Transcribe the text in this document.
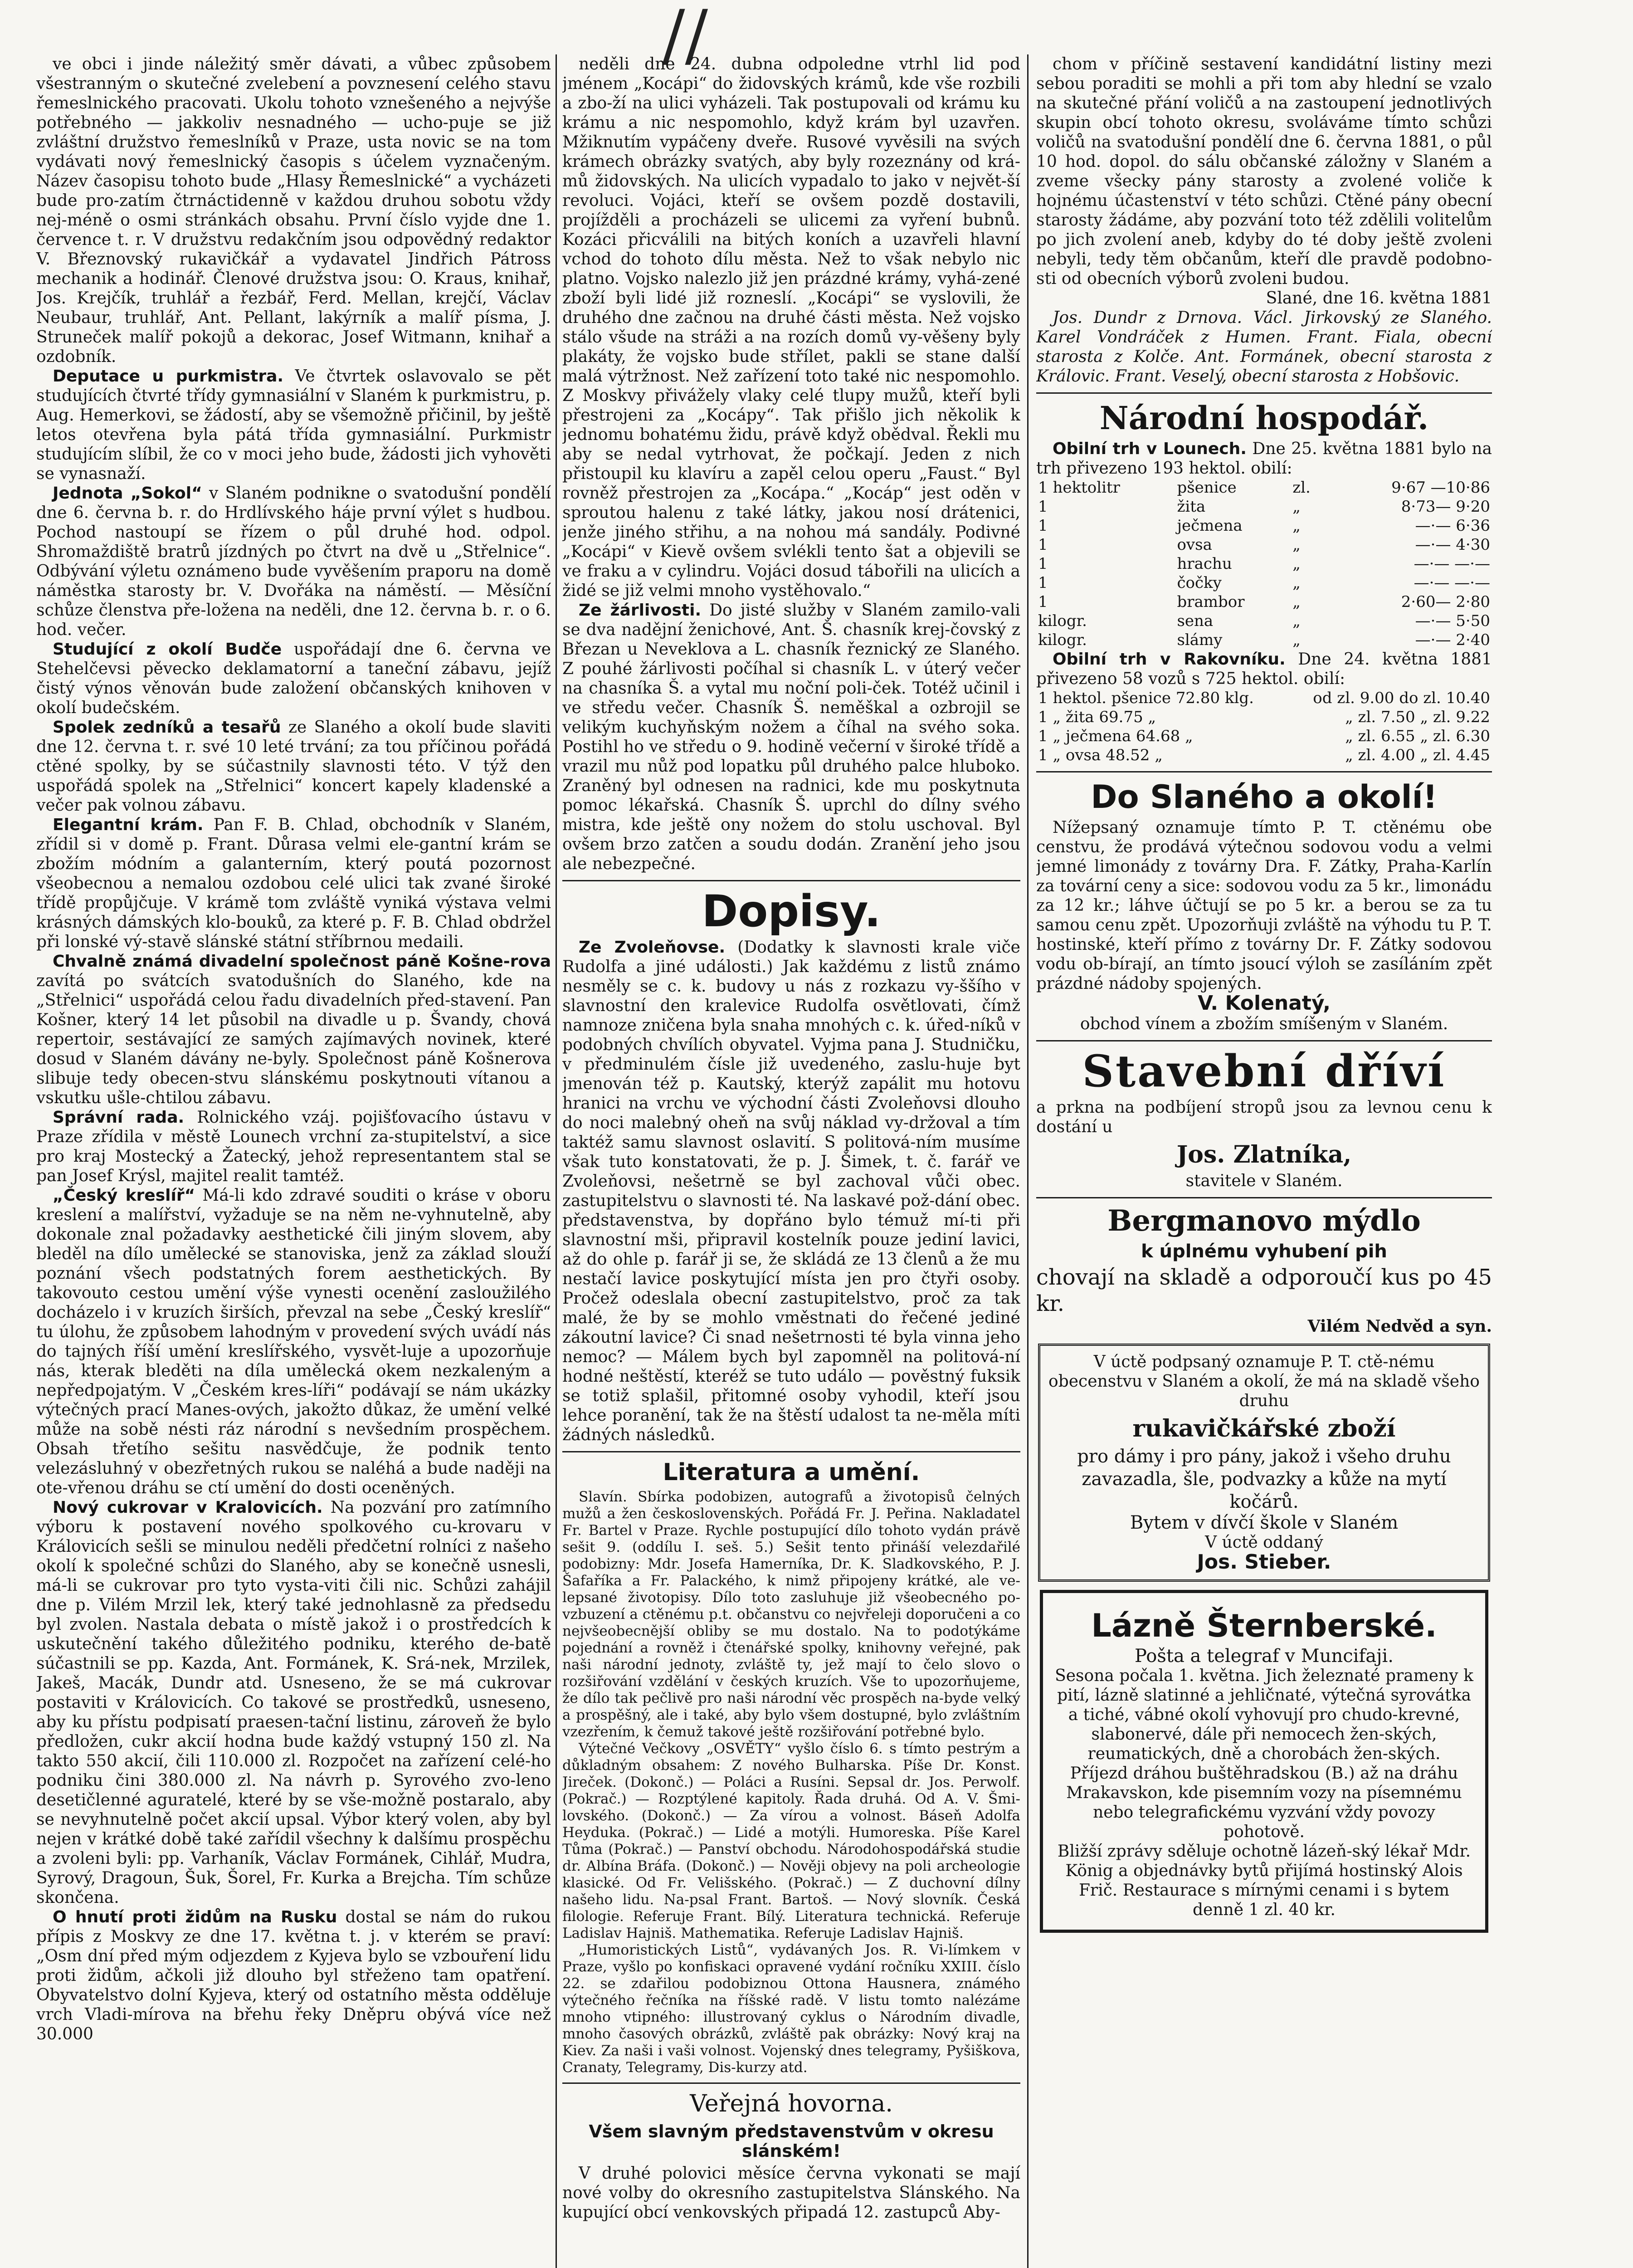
//

ve obci i jinde náležitý směr dávati, a vůbec způsobem všestranným o skutečné zvelebení a povznesení celého stavu řemeslnického pracovati. Ukolu tohoto vznešeného a nejvýše potřebného — jakkoliv nesnadného — ucho-puje se již zvláštní družstvo řemeslníků v Praze, usta novic se na tom vydávati nový řemeslnický časopis s účelem vyznačeným. Název časopisu tohoto bude „Hlasy Řemeslnické“ a vycházeti bude pro-zatím čtrnáctidenně v každou druhou sobotu vždy nej-méně o osmi stránkách obsahu. První číslo vyjde dne 1. července t. r. V družstvu redakčním jsou odpovědný redaktor V. Březnovský rukavičkář a vydavatel Jindřich Pátross mechanik a hodinář. Členové družstva jsou: O. Kraus, knihař, Jos. Krejčík, truhlář a řezbář, Ferd. Mellan, krejčí, Václav Neubaur, truhlář, Ant. Pellant, lakýrník a malíř písma, J. Struneček malíř pokojů a dekorac, Josef Witmann, knihař a ozdobník.

Deputace u purkmistra. Ve čtvrtek oslavovalo se pět studujících čtvrté třídy gymnasiální v Slaném k purkmistru, p. Aug. Hemerkovi, se žádostí, aby se všemožně přičinil, by ještě letos otevřena byla pátá třída gymnasiální. Purkmistr studujícím slíbil, že co v moci jeho bude, žádosti jich vyhověti se vynasnaží.

Jednota „Sokol“ v Slaném podnikne o svatodušní pondělí dne 6. června b. r. do Hrdlívského háje první výlet s hudbou. Pochod nastoupí se řízem o půl druhé hod. odpol. Shromaždiště bratrů jízdných po čtvrt na dvě u „Střelnice“. Odbývání výletu oznámeno bude vyvěšením praporu na domě náměstka starosty br. V. Dvořáka na náměstí. — Měsíční schůze členstva pře-ložena na neděli, dne 12. června b. r. o 6. hod. večer.

Studující z okolí Budče uspořádají dne 6. června ve Stehelčevsi pěvecko deklamatorní a taneční zábavu, jejíž čistý výnos věnován bude založení občanských knihoven v okolí budečském.

Spolek zedníků a tesařů ze Slaného a okolí bude slaviti dne 12. června t. r. své 10 leté trvání; za tou příčinou pořádá ctěné spolky, by se súčastnily slavnosti této. V týž den uspořádá spolek na „Střelnici“ koncert kapely kladenské a večer pak volnou zábavu.

Elegantní krám. Pan F. B. Chlad, obchodník v Slaném, zřídil si v domě p. Frant. Důrasa velmi ele-gantní krám se zbožím módním a galanterním, který poutá pozornost všeobecnou a nemalou ozdobou celé ulici tak zvané široké třídě propůjčuje. V krámě tom zvláště vyniká výstava velmi krásných dámských klo-bouků, za které p. F. B. Chlad obdržel při lonské vý-stavě slánské státní stříbrnou medaili.

Chvalně známá divadelní společnost páně Košne-rova zavítá po svátcích svatodušních do Slaného, kde na „Střelnici“ uspořádá celou řadu divadelních před-stavení. Pan Košner, který 14 let působil na divadle u p. Švandy, chová repertoir, sestávající ze samých zajímavých novinek, které dosud v Slaném dávány ne-byly. Společnost páně Košnerova slibuje tedy obecen-stvu slánskému poskytnouti vítanou a vskutku ušle-chtilou zábavu.

Správní rada. Rolnického vzáj. pojišťovacího ústavu v Praze zřídila v městě Lounech vrchní za-stupitelství, a sice pro kraj Mostecký a Žatecký, jehož representantem stal se pan Josef Krýsl, majitel realit tamtéž.

„Český kreslíř“ Má-li kdo zdravé souditi o kráse v oboru kreslení a malířství, vyžaduje se na něm ne-vyhnutelně, aby dokonale znal požadavky aesthetické čili jiným slovem, aby bleděl na dílo umělecké se stanoviska, jenž za základ slouží poznání všech podstatných forem aesthetických. By takovouto cestou umění výše vynesti ocenění zasloužilého docházelo i v kruzích širších, převzal na sebe „Český kreslíř“ tu úlohu, že způsobem lahodným v provedení svých uvádí nás do tajných říší umění kreslířského, vysvět-luje a upozorňuje nás, kterak bleděti na díla umělecká okem nezkaleným a nepředpojatým. V „Českém kres-líři“ podávají se nám ukázky výtečných prací Manes-ových, jakožto důkaz, že umění velké může na sobě nésti ráz národní s nevšedním prospěchem. Obsah třetího sešitu nasvědčuje, že podnik tento velezásluhný v obezřetných rukou se naléhá a bude naději na ote-vřenou dráhu se ctí umění do dosti oceněných.

Nový cukrovar v Kralovicích. Na pozvání pro zatímního výboru k postavení nového spolkového cu-krovaru v Královicích sešli se minulou neděli předčetní rolníci z našeho okolí k společné schůzi do Slaného, aby se konečně usnesli, má-li se cukrovar pro tyto vysta-viti čili nic. Schůzi zahájil dne p. Vilém Mrzil lek, který také jednohlasně za předsedu byl zvolen. Nastala debata o místě jakož i o prostředcích k uskutečnění takého důležitého podniku, kterého de-batě súčastnili se pp. Kazda, Ant. Formánek, K. Srá-nek, Mrzilek, Jakeš, Macák, Dundr atd. Usneseno, že se má cukrovar postaviti v Královicích. Co takové se prostředků, usneseno, aby ku přístu podpisatí praesen-tační listinu, zároveň že bylo předložen, cukr akcií hodna bude každý vstupný 150 zl. Na takto 550 akcií, čili 110.000 zl. Rozpočet na zařízení celé-ho podniku čini 380.000 zl. Na návrh p. Syrového zvo-leno desetičlenné aguratelé, které by se vše-možně postaralo, aby se nevyhnutelně počet akcií upsal. Výbor který volen, aby byl nejen v krátké době také zařídil všechny k dalšímu prospěchu a zvoleni byli: pp. Varhaník, Václav Formánek, Cihlář, Mudra, Syrový, Dragoun, Šuk, Šorel, Fr. Kurka a Brejcha. Tím schůze skončena.

O hnutí proti židům na Rusku dostal se nám do rukou přípis z Moskvy ze dne 17. května t. j. v kterém se praví: „Osm dní před mým odjezdem z Kyjeva bylo se vzbouření lidu proti židům, ačkoli již dlouho byl střeženo tam opatření. Obyvatelstvo dolní Kyjeva, který od ostatního města odděluje vrch Vladi-mírova na břehu řeky Dněpru obývá více než 30.000

neděli dne 24. dubna odpoledne vtrhl lid pod jménem „Kocápi“ do židovských krámů, kde vše rozbili a zbo-ží na ulici vyházeli. Tak postupovali od krámu ku krámu a nic nespomohlo, když krám byl uzavřen. Mžiknutím vypáčeny dveře. Rusové vyvěsili na svých krámech obrázky svatých, aby byly rozeznány od krá-mů židovských. Na ulicích vypadalo to jako v největ-ší revoluci. Vojáci, kteří se ovšem pozdě dostavili, projížděli a procházeli se ulicemi za vyření bubnů. Kozáci přicválili na bitých koních a uzavřeli hlavní vchod do tohoto dílu města. Než to však nebylo nic platno. Vojsko nalezlo již jen prázdné krámy, vyhá-zené zboží byli lidé již rozneslí. „Kocápi“ se vyslovili, že druhého dne začnou na druhé části města. Než vojsko stálo všude na stráži a na rozích domů vy-věšeny byly plakáty, že vojsko bude střílet, pakli se stane další malá výtržnost. Než zařízení toto také nic nespomohlo. Z Moskvy přivážely vlaky celé tlupy mužů, kteří byli přestrojeni za „Kocápy“. Tak přišlo jich několik k jednomu bohatému židu, právě když obědval. Řekli mu aby se nedal vytrhovat, že počkají. Jeden z nich přistoupil ku klavíru a zapěl celou operu „Faust.“ Byl rovněž přestrojen za „Kocápa.“ „Kocáp“ jest oděn v sproutou halenu z také látky, jakou nosí drátenici, jenže jiného střihu, a na nohou má sandály. Podivné „Kocápi“ v Kievě ovšem svlékli tento šat a objevili se ve fraku a v cylindru. Vojáci dosud tábořili na ulicích a židé se již velmi mnoho vystěhovalo.“

Ze žárlivosti. Do jisté služby v Slaném zamilo-vali se dva nadějní ženichové, Ant. Š. chasník krej-čovský z Březan u Neveklova a L. chasník řeznický ze Slaného. Z pouhé žárlivosti počíhal si chasník L. v úterý večer na chasníka Š. a vytal mu noční poli-ček. Totéž učinil i ve středu večer. Chasník Š. neměškal a ozbrojil se velikým kuchyňským nožem a číhal na svého soka. Postihl ho ve středu o 9. hodině večerní v široké třídě a vrazil mu nůž pod lopatku půl druhého palce hluboko. Zraněný byl odnesen na radnici, kde mu poskytnuta pomoc lékařská. Chasník Š. uprchl do dílny svého mistra, kde ještě ony nožem do stolu uschoval. Byl ovšem brzo zatčen a soudu dodán. Zranění jeho jsou ale nebezpečné.

Dopisy.

Ze Zvoleňovse. (Dodatky k slavnosti krale viče Rudolfa a jiné události.) Jak každému z listů známo nesměly se c. k. budovy u nás z rozkazu vy-ššího v slavnostní den kralevice Rudolfa osvětlovati, čímž namnoze zničena byla snaha mnohých c. k. úřed-níků v podobných chvílích obyvatel. Vyjma pana J. Studničku, v předminulém čísle již uvedeného, zaslu-huje byt jmenován též p. Kautský, kterýž zapálit mu hotovu hranici na vrchu ve východní části Zvoleňovsi dlouho do noci malebný oheň na svůj náklad vy-držoval a tím taktéž samu slavnost oslavití. S politová-ním musíme však tuto konstatovati, že p. J. Šimek, t. č. farář ve Zvoleňovsi, nešetrně se byl zachoval vůči obec. zastupitelstvu o slavnosti té. Na laskavé pož-dání obec. představenstva, by dopřáno bylo témuž mí-ti při slavnostní mši, připravil kostelník pouze jediní lavici, až do ohle p. farář ji se, že skládá ze 13 členů a že mu nestačí lavice poskytující místa jen pro čtyři osoby. Pročež odeslala obecní zastupitelstvo, proč za tak malé, že by se mohlo vměstnati do řečené jediné zákoutní lavice? Či snad nešetrnosti té byla vinna jeho nemoc? — Málem bych byl zapomněl na politová-ní hodné neštěstí, kteréž se tuto událo — pověstný fuksik se totiž splašil, přitomné osoby vyhodil, kteří jsou lehce poranění, tak že na štěstí udalost ta ne-měla míti žádných následků.

Literatura a umění.

Slavín. Sbírka podobizen, autografů a životopisů čelných mužů a žen československých. Pořádá Fr. J. Peřina. Nakladatel Fr. Bartel v Praze. Rychle postupující dílo tohoto vydán právě sešit 9. (oddílu I. seš. 5.) Sešit tento přináší velezdařilé podobizny: Mdr. Josefa Hamerníka, Dr. K. Sladkovského, P. J. Šafaříka a Fr. Palackého, k nimž připojeny krátké, ale ve-lepsané životopisy. Dílo toto zasluhuje již všeobecného po-vzbuzení a ctěnému p.t. občanstvu co nejvřeleji doporučeni a co nejvšeobecnější obliby se mu dostalo. Na to podotýkáme pojednání a rovněž i čtenářské spolky, knihovny veřejné, pak naši národní jednoty, zvláště ty, jež mají to čelo slovo o rozšiřování vzdělání v českých kruzích. Vše to upozorňujeme, že dílo tak pečlivě pro naši národní věc prospěch na-byde velký a prospěšný, ale i také, aby bylo všem dostupné, bylo zvláštním vzezřením, k čemuž takové ještě rozšiřování potřebné bylo.

Výtečné Večkovy „OSVĚTY“ vyšlo číslo 6. s tímto pestrým a důkladným obsahem: Z nového Bulharska. Píše Dr. Konst. Jireček. (Dokonč.) — Poláci a Rusíni. Sepsal dr. Jos. Perwolf. (Pokrač.) — Rozptýlené kapitoly. Řada druhá. Od A. V. Šmi-lovského. (Dokonč.) — Za vírou a volnost. Báseň Adolfa Heyduka. (Pokrač.) — Lidé a motýli. Humoreska. Píše Karel Tůma (Pokrač.) — Panství obchodu. Národohospodářská studie dr. Albína Bráfa. (Dokonč.) — Nověji objevy na poli archeologie klasické. Od Fr. Velišského. (Pokrač.) — Z duchovní dílny našeho lidu. Na-psal Frant. Bartoš. — Nový slovník. Česká filologie. Referuje Frant. Bílý. Literatura technická. Referuje Ladislav Hajniš. Mathematika. Referuje Ladislav Hajniš.

„Humoristických Listů“, vydávaných Jos. R. Vi-límkem v Praze, vyšlo po konfiskaci opravené vydání ročníku XXIII. číslo 22. se zdařilou podobiznou Ottona Hausnera, známého výtečného řečníka na říšské radě. V listu tomto nalézáme mnoho vtipného: illustrovaný cyklus o Národním divadle, mnoho časových obrázků, zvláště pak obrázky: Nový kraj na Kiev. Za naši i vaši volnost. Vojenský dnes telegramy, Pyšiškova, Cranaty, Telegramy, Dis-kurzy atd.

Veřejná hovorna.
Všem slavným představenstvům v okresu slánském!

V druhé polovici měsíce června vykonati se mají nové volby do okresního zastupitelstva Slánského. Na kupující obcí venkovských připadá 12. zastupců Aby-

chom v příčině sestavení kandidátní listiny mezi sebou poraditi se mohli a při tom aby hlední se vzalo na skutečné přání voličů a na zastoupení jednotlivých skupin obcí tohoto okresu, svoláváme tímto schůzi voličů na svatodušní pondělí dne 6. června 1881, o půl 10 hod. dopol. do sálu občanské záložny v Slaném a zveme všecky pány starosty a zvolené voliče k hojnému účastenství v této schůzi. Ctěné pány obecní starosty žádáme, aby pozvání toto též zdělili volitelům po jich zvolení aneb, kdyby do té doby ještě zvoleni nebyli, tedy těm občanům, kteří dle pravdě podobno-sti od obecních výborů zvoleni budou.

Slané, dne 16. května 1881

Jos. Dundr z Drnova. Václ. Jirkovský ze Slaného. Karel Vondráček z Humen. Frant. Fiala, obecní starosta z Kolče. Ant. Formánek, obecní starosta z Královic. Frant. Veselý, obecní starosta z Hobšovic.

Národní hospodář.

Obilní trh v Lounech. Dne 25. května 1881 bylo na trh přivezeno 193 hektol. obilí:

1 hektolitr	pšenice	zl.	9·67 —10·86
1	žita	„	8·73— 9·20
1	ječmena	„	—·— 6·36
1	ovsa	„	—·— 4·30
1	hrachu	„	—·— —·—
1	čočky	„	—·— —·—
1	brambor	„	2·60— 2·80
kilogr.	sena	„	—·— 5·50
kilogr.	slámy	„	—·— 2·40

Obilní trh v Rakovníku. Dne 24. května 1881 přivezeno 58 vozů s 725 hektol. obilí:

1 hektol. pšenice 72.80 klg.	od zl. 9.00 do zl. 10.40
1 „ žita 69.75 „	„ zl. 7.50 „ zl. 9.22
1 „ ječmena 64.68 „	„ zl. 6.55 „ zl. 6.30
1 „ ovsa 48.52 „	„ zl. 4.00 „ zl. 4.45
Do Slaného a okolí!

Nížepsaný oznamuje tímto P. T. ctěnému obe censtvu, že prodává výtečnou sodovou vodu a velmi jemné limonády z továrny Dra. F. Zátky, Praha-Karlín za tovární ceny a sice: sodovou vodu za 5 kr., limonádu za 12 kr.; láhve účtují se po 5 kr. a berou se za tu samou cenu zpět. Upozorňuji zvláště na výhodu tu P. T. hostinské, kteří přímo z továrny Dr. F. Zátky sodovou vodu ob-bírají, an tímto jsoucí výloh se zasíláním zpět prázdné nádoby spojených.

V. Kolenatý,

obchod vínem a zbožím smíšeným v Slaném.

Stavební dříví

a prkna na podbíjení stropů jsou za levnou cenu k dostání u

Jos. Zlatníka,

stavitele v Slaném.

Bergmanovo mýdlo
k úplnému vyhubení pih

chovají na skladě a odporoučí kus po 45 kr.

Vilém Nedvěd a syn.

V úctě podpsaný oznamuje P. T. ctě-nému obecenstvu v Slaném a okolí, že má na skladě všeho druhu

rukavičkářské zboží

pro dámy i pro pány, jakož i všeho druhu zavazadla, šle, podvazky a kůže na mytí kočárů.

Bytem v dívčí škole v Slaném

V úctě oddaný

Jos. Stieber.

Lázně Šternberské.

Pošta a telegraf v Muncifaji.

Sesona počala 1. května. Jich železnaté prameny k pití, lázně slatinné a jehličnaté, výtečná syrovátka a tiché, vábné okolí vyhovují pro chudo-krevné, slabonervé, dále při nemocech žen-ských, reumatických, dně a chorobách žen-ských.

Příjezd dráhou buštěhradskou (B.) až na dráhu Mrakavskon, kde pisemním vozy na písemnému nebo telegrafickému vyzvání vždy povozy pohotově.

Bližší zprávy sděluje ochotně lázeň-ský lékař Mdr. König a objednávky bytů přijímá hostinský Alois Frič. Restaurace s mírnými cenami i s bytem denně 1 zl. 40 kr.
